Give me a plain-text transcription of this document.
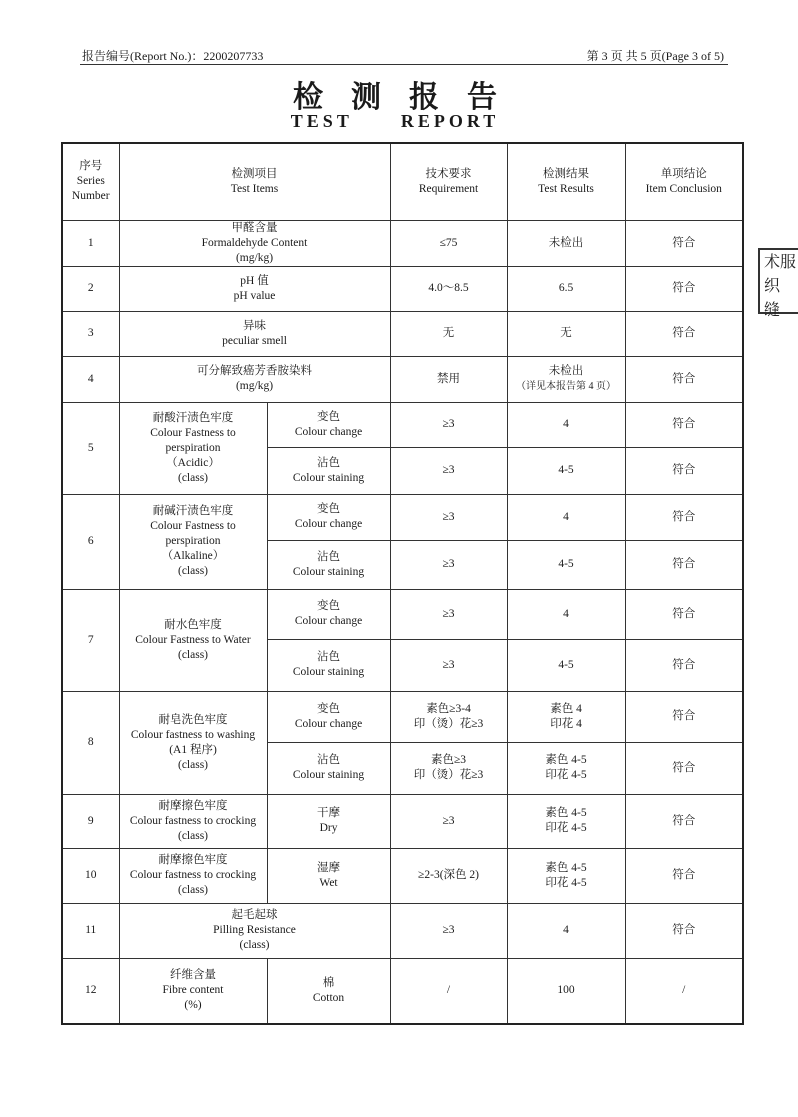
报告编号(Report No.)：2200207733	第 3 页 共 5 页(Page 3 of 5)
检测报告
TEST	REPORT
序号
Series
Number	检测项目
Test Items		技术要求
Requirement	检测结果
Test Results	单项结论
Item Conclusion

1	甲醛含量
Formaldehyde Content
(mg/kg)		≤75	未检出	符合
2	pH 值
pH value		4.0～8.5	6.5	符合
3	异味
peculiar smell		无	无	符合
4	可分解致癌芳香胺染料
(mg/kg)		禁用	未检出
（详见本报告第 4 页）	符合
5	耐酸汗渍色牢度
Colour Fastness to
perspiration
（Acidic）
(class)	变色
Colour change	≥3	4	符合

		沾色
Colour staining	≥3	4-5	符合
6	耐碱汗渍色牢度
Colour Fastness to
perspiration
（Alkaline）
(class)	变色
Colour change	≥3	4	符合

		沾色
Colour staining	≥3	4-5	符合
7	耐水色牢度
Colour Fastness to Water
(class)	变色
Colour change	≥3	4	符合

		沾色
Colour staining	≥3	4-5	符合
8	耐皂洗色牢度
Colour fastness to washing
(A1 程序)
(class)	变色
Colour change	素色≥3-4
印（烫）花≥3	素色 4
印花 4	符合

		沾色
Colour staining	素色≥3
印（烫）花≥3	素色 4-5
印花 4-5	符合
9	耐摩擦色牢度
Colour fastness to crocking
(class)	干摩
Dry	≥3	素色 4-5
印花 4-5	符合
10	耐摩擦色牢度
Colour fastness to crocking
(class)	湿摩
Wet	≥2-3(深色 2)	素色 4-5
印花 4-5	符合
11	起毛起球
Pilling Resistance
(class)		≥3	4	符合
12	纤维含量
Fibre content
(%)	棉
Cotton	/	100	/
术服织
缝
